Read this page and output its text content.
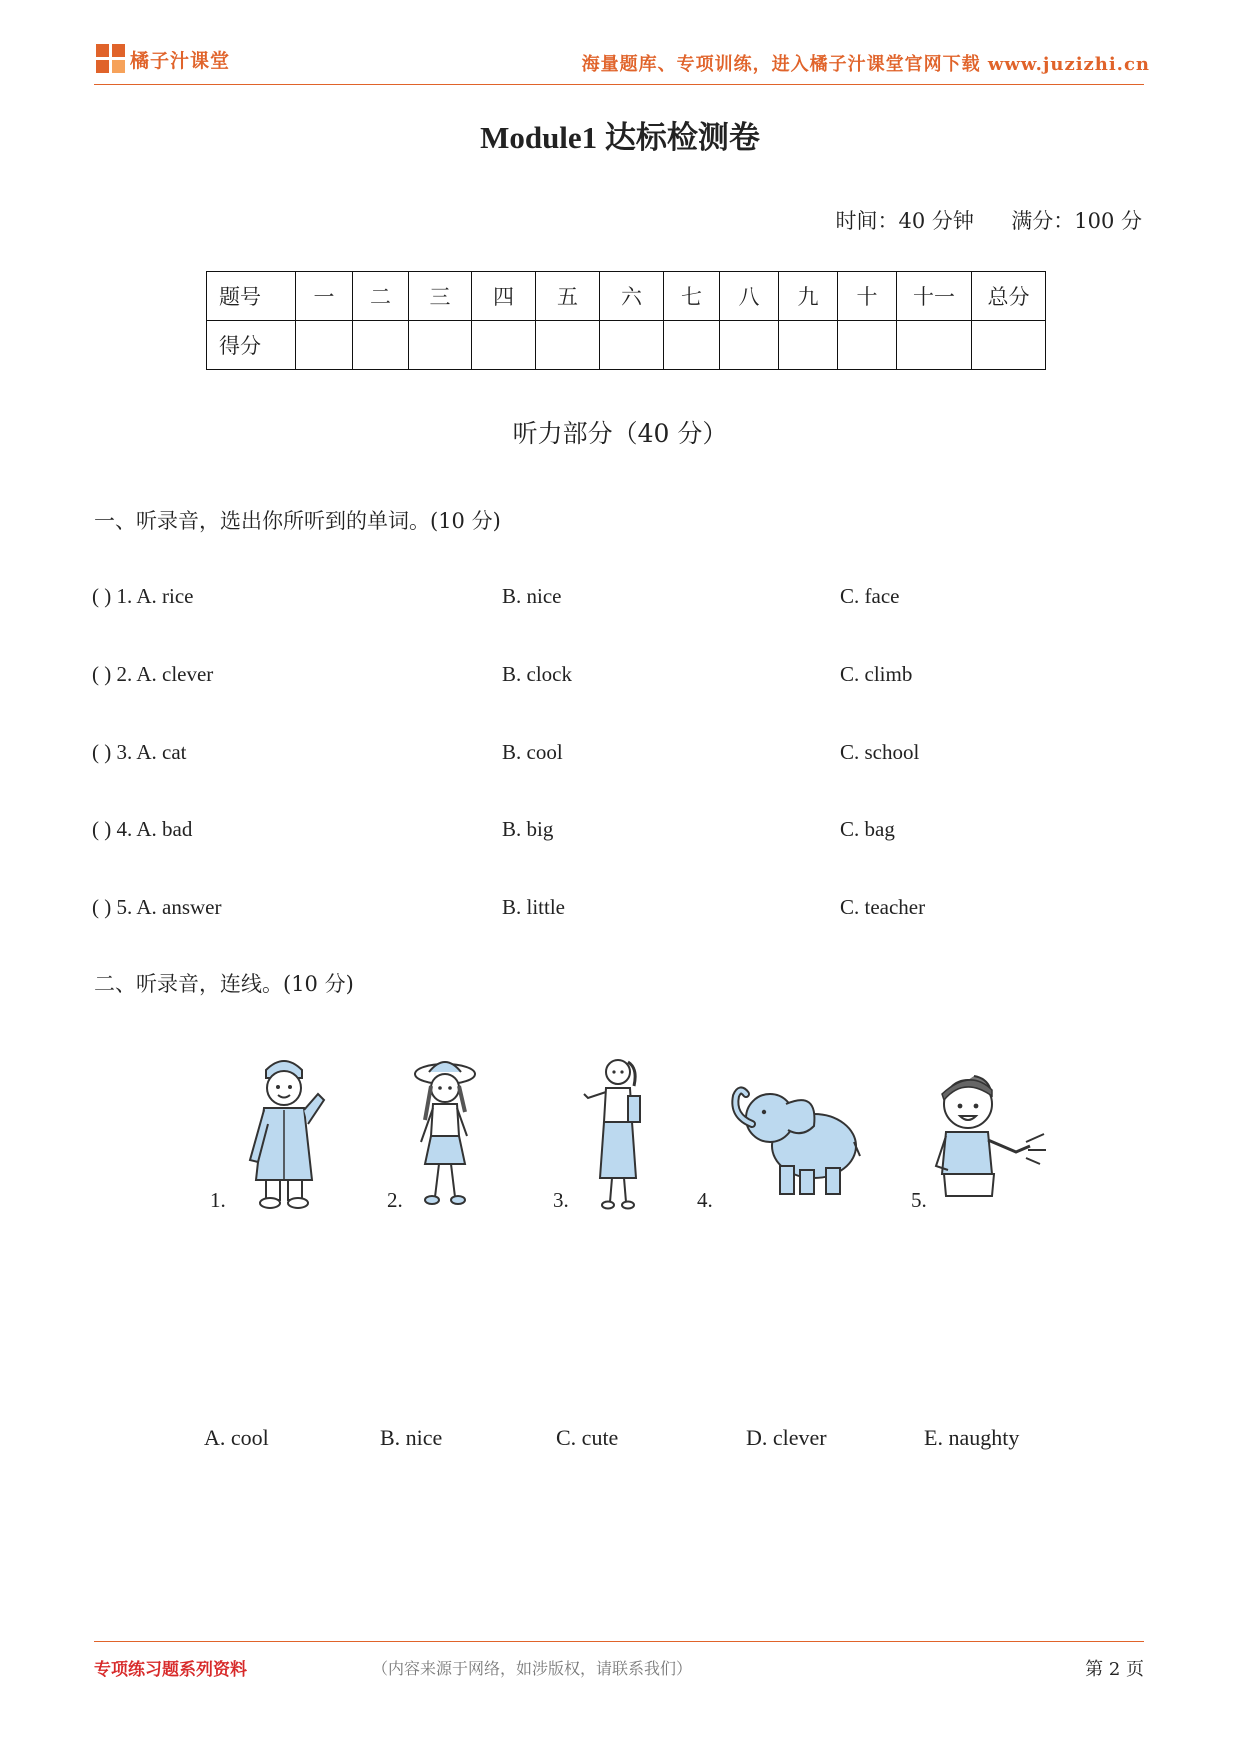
橘子汁课堂	海量题库、专项训练，进入橘子汁课堂官网下载 www.juzizhi.cn
Module1 达标检测卷
时间：40 分钟 满分：100 分
题号	一	二	三	四	五	六	七	八	九	十	十一	总分
得分												
听力部分（40 分）
一、听录音，选出你所听到的单词。(10 分)
( ) 1. A. rice	B. nice	C. face
( ) 2. A. clever	B. clock	C. climb
( ) 3. A. cat	B. cool	C. school
( ) 4. A. bad	B. big	C. bag
( ) 5. A. answer	B. little	C. teacher
二、听录音，连线。(10 分)
1.	2.	3.	4.	5.
A. cool	B. nice	C. cute	D. clever	E. naughty
专项练习题系列资料	（内容来源于网络，如涉版权，请联系我们）	第 2 页
